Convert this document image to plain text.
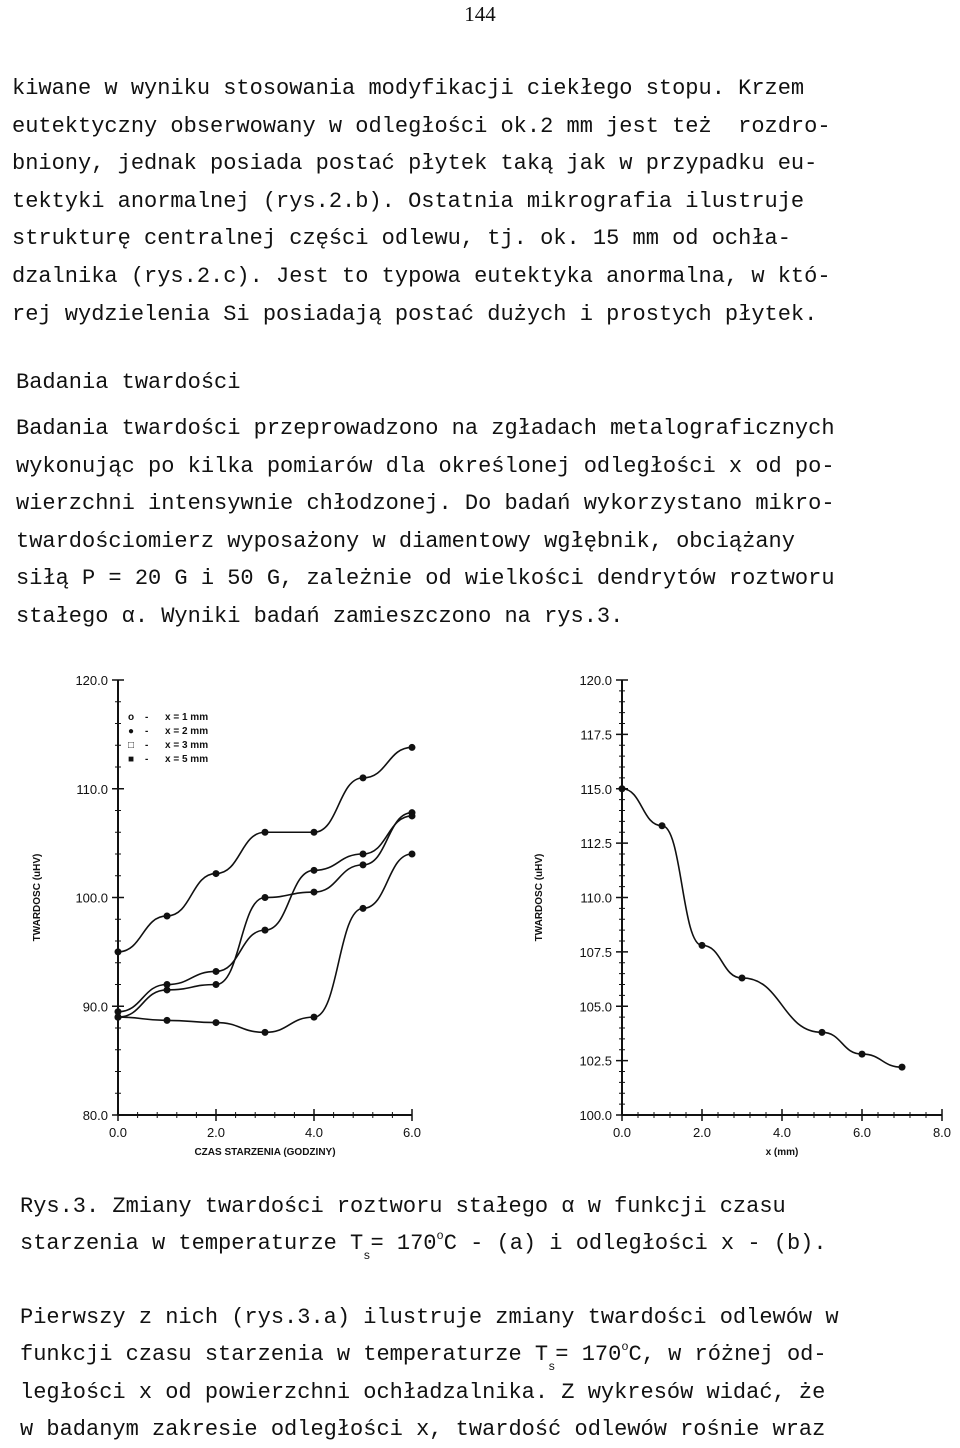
144
kiwane w wyniku stosowania modyfikacji ciekłego stopu. Krzem
eutektyczny obserwowany w odległości ok.2 mm jest też  rozdro-
bniony, jednak posiada postać płytek taką jak w przypadku eu-
tektyki anormalnej (rys.2.b). Ostatnia mikrografia ilustruje
strukturę centralnej części odlewu, tj. ok. 15 mm od ochła-
dzalnika (rys.2.c). Jest to typowa eutektyka anormalna, w któ-
rej wydzielenia Si posiadają postać dużych i prostych płytek.
Badania twardości
Badania twardości przeprowadzono na zgładach metalograficznych
wykonując po kilka pomiarów dla określonej odległości x od po-
wierzchni intensywnie chłodzonej. Do badań wykorzystano mikro-
twardościomierz wyposażony w diamentowy wgłębnik, obciążany
siłą P = 20 G i 50 G, zależnie od wielkości dendrytów roztworu
stałego α. Wyniki badań zamieszczono na rys.3.
80.0
90.0
100.0
110.0
120.0
0.0	2.0	4.0	6.0
CZAS STARZENIA (GODZINY)
TWARDOSC (uHV)
o - x = 1 mm
● - x = 2 mm
□ - x = 3 mm
■ - x = 5 mm
100.0
102.5
105.0
107.5
110.0
112.5
115.0
117.5
120.0
0.0	2.0	4.0	6.0	8.0
x (mm)
TWARDOSC (uHV)
Rys.3. Zmiany twardości roztworu stałego α w funkcji czasu
starzenia w temperaturze $T_s= 170^oC - (a)$ i odległości x - (b).
Pierwszy z nich (rys.3.a) ilustruje zmiany twardości odlewów w
funkcji czasu starzenia w temperaturze $T_s= 170^oC$, w różnej od-
ległości x od powierzchni ochładzalnika. Z wykresów widać, że
w badanym zakresie odległości x, twardość odlewów rośnie wraz
